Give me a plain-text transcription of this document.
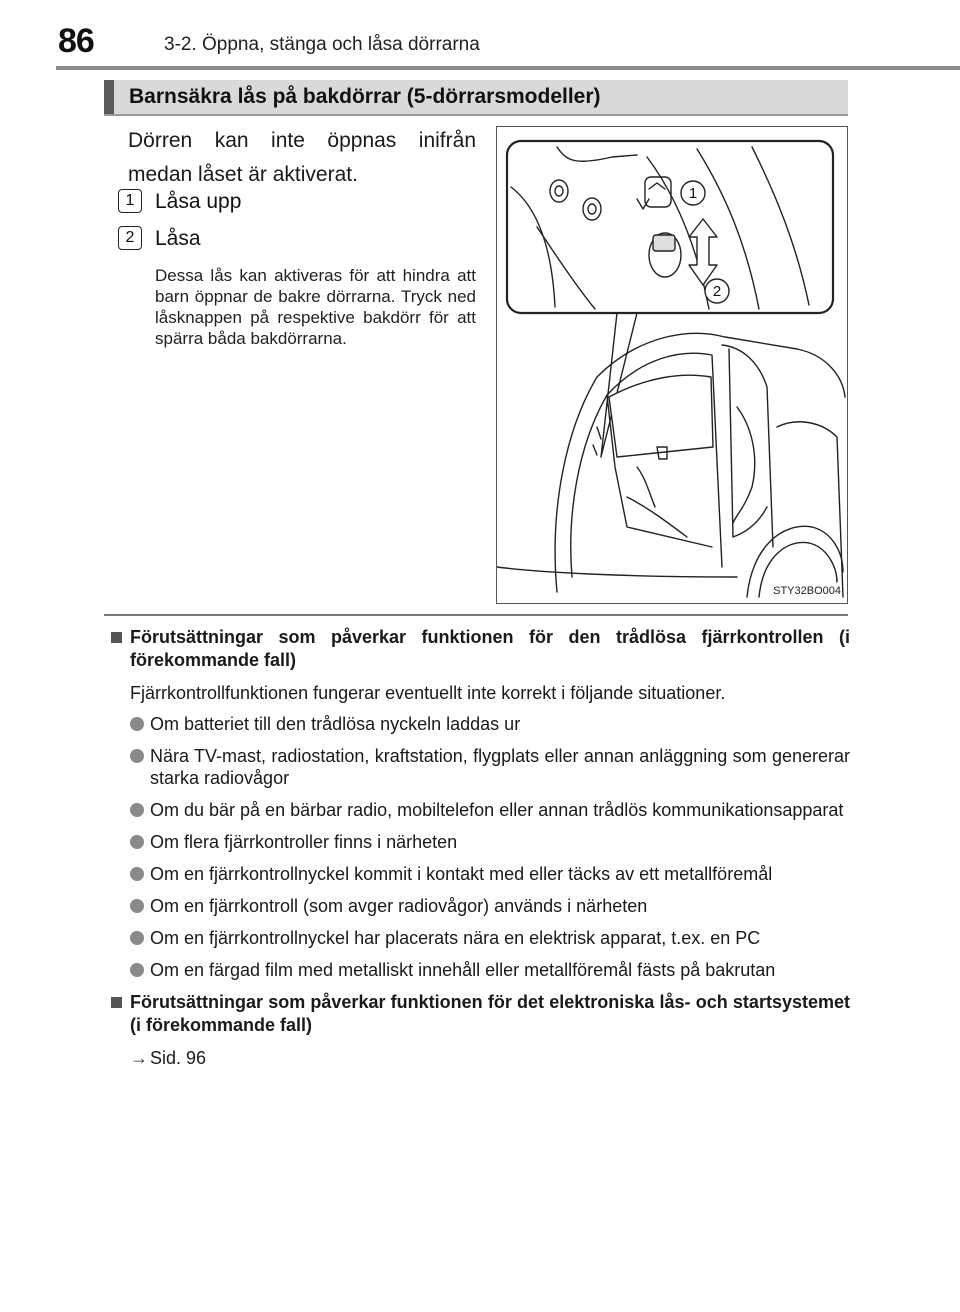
86	3-2. Öppna, stänga och låsa dörrarna
Barnsäkra lås på bakdörrar (5-dörrarsmodeller)
Dörren kan inte öppnas inifrån medan låset är aktiverat.
1 Låsa upp
2 Låsa
Dessa lås kan aktiveras för att hindra att barn öppnar de bakre dörrarna. Tryck ned låsknappen på respektive bakdörr för att spärra båda bakdörrarna.
1
2
STY32BO004
Förutsättningar som påverkar funktionen för den trådlösa fjärrkontrollen (i förekommande fall)
Fjärrkontrollfunktionen fungerar eventuellt inte korrekt i följande situationer.
Om batteriet till den trådlösa nyckeln laddas ur
Nära TV-mast, radiostation, kraftstation, flygplats eller annan anläggning som genererar starka radiovågor
Om du bär på en bärbar radio, mobiltelefon eller annan trådlös kommunikationsapparat
Om flera fjärrkontroller finns i närheten
Om en fjärrkontrollnyckel kommit i kontakt med eller täcks av ett metallföremål
Om en fjärrkontroll (som avger radiovågor) används i närheten
Om en fjärrkontrollnyckel har placerats nära en elektrisk apparat, t.ex. en PC
Om en färgad film med metalliskt innehåll eller metallföremål fästs på bakrutan
Förutsättningar som påverkar funktionen för det elektroniska lås- och startsystemet (i förekommande fall)
→ Sid. 96
